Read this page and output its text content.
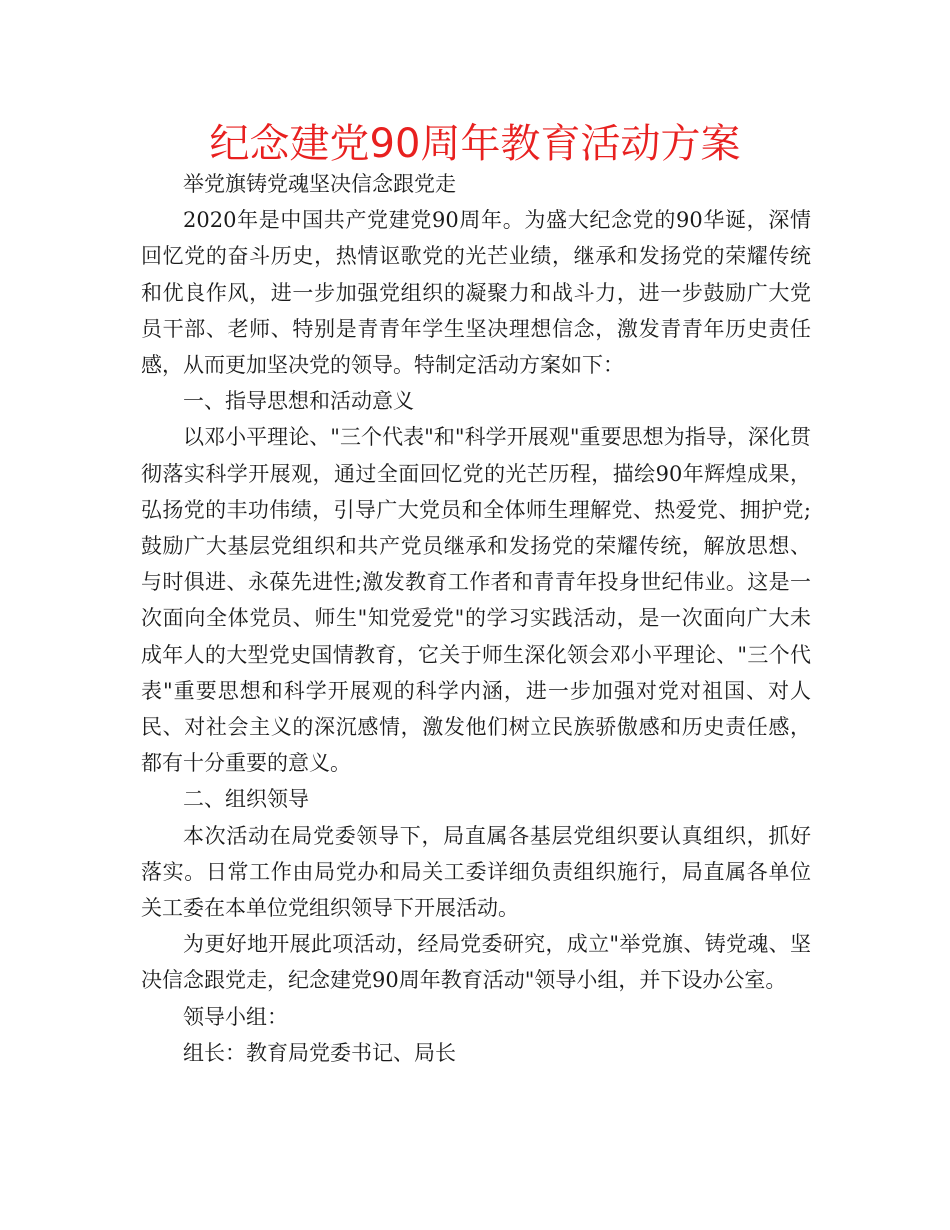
纪念建党90周年教育活动方案

举党旗铸党魂坚决信念跟党走

2020年是中国共产党建党90周年。为盛大纪念党的90华诞，深情回忆党的奋斗历史，热情讴歌党的光芒业绩，继承和发扬党的荣耀传统和优良作风，进一步加强党组织的凝聚力和战斗力，进一步鼓励广大党员干部、老师、特别是青青年学生坚决理想信念，激发青青年历史责任感，从而更加坚决党的领导。特制定活动方案如下：

一、指导思想和活动意义

以邓小平理论、"三个代表"和"科学开展观"重要思想为指导，深化贯彻落实科学开展观，通过全面回忆党的光芒历程，描绘90年辉煌成果，弘扬党的丰功伟绩，引导广大党员和全体师生理解党、热爱党、拥护党;鼓励广大基层党组织和共产党员继承和发扬党的荣耀传统，解放思想、与时俱进、永葆先进性;激发教育工作者和青青年投身世纪伟业。这是一次面向全体党员、师生"知党爱党"的学习实践活动，是一次面向广大未成年人的大型党史国情教育，它关于师生深化领会邓小平理论、"三个代表"重要思想和科学开展观的科学内涵，进一步加强对党对祖国、对人民、对社会主义的深沉感情，激发他们树立民族骄傲感和历史责任感，都有十分重要的意义。

二、组织领导

本次活动在局党委领导下，局直属各基层党组织要认真组织，抓好落实。日常工作由局党办和局关工委详细负责组织施行，局直属各单位关工委在本单位党组织领导下开展活动。

为更好地开展此项活动，经局党委研究，成立"举党旗、铸党魂、坚决信念跟党走，纪念建党90周年教育活动"领导小组，并下设办公室。

领导小组：

组长：教育局党委书记、局长
